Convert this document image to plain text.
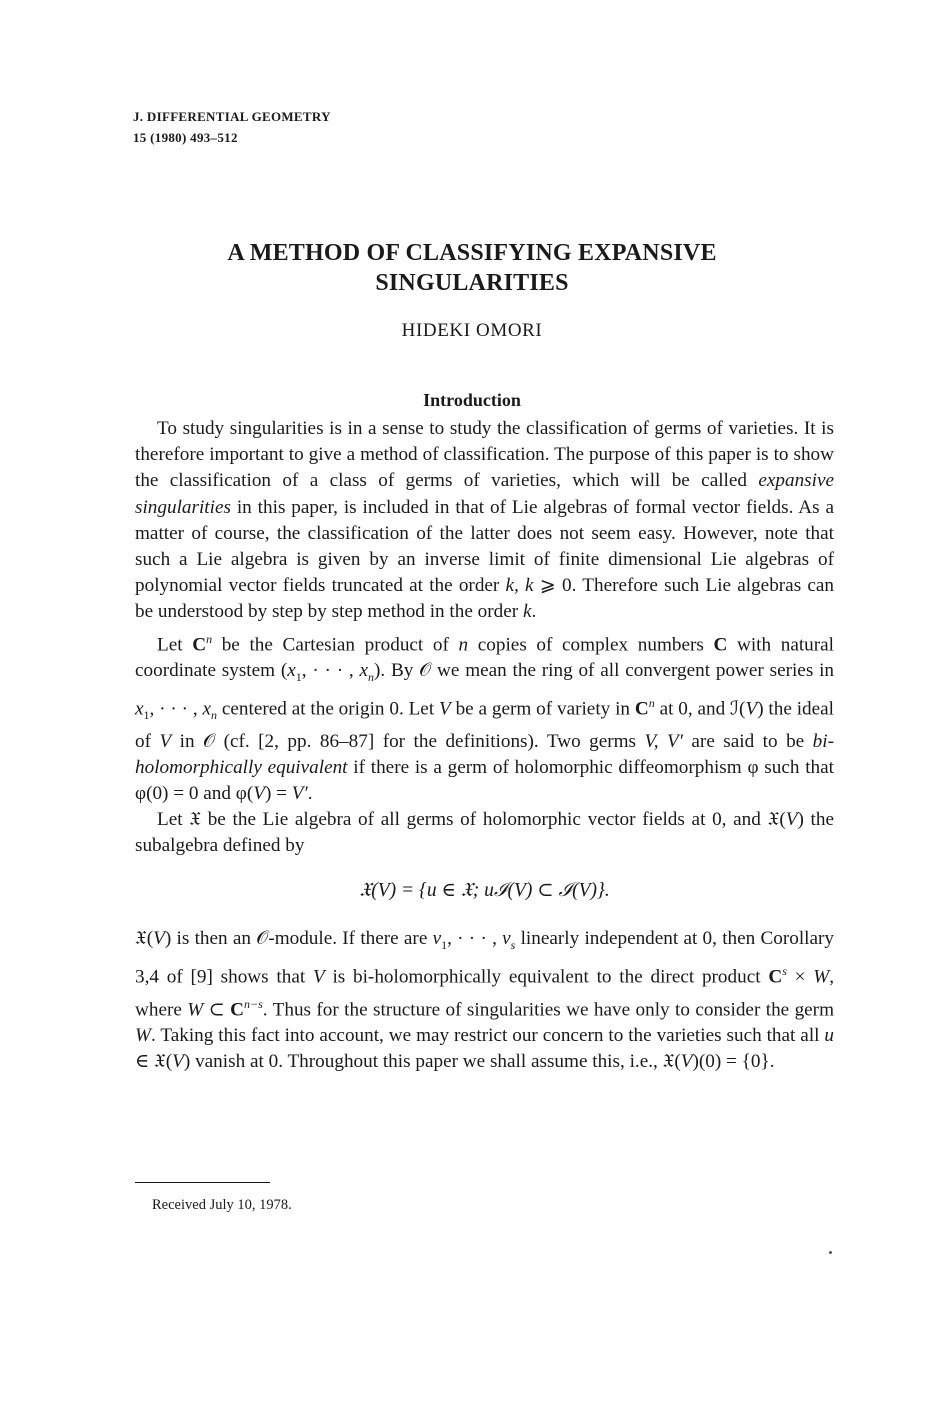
J. DIFFERENTIAL GEOMETRY
15 (1980) 493–512
A METHOD OF CLASSIFYING EXPANSIVE
SINGULARITIES
HIDEKI OMORI
Introduction

To study singularities is in a sense to study the classification of germs of varieties. It is therefore important to give a method of classification. The purpose of this paper is to show the classification of a class of germs of varieties, which will be called expansive singularities in this paper, is included in that of Lie algebras of formal vector fields. As a matter of course, the classification of the latter does not seem easy. However, note that such a Lie algebra is given by an inverse limit of finite dimensional Lie algebras of polynomial vector fields truncated at the order k, k ⩾ 0. Therefore such Lie algebras can be understood by step by step method in the order k.

Let $C^n$ be the Cartesian product of n copies of complex numbers C with natural coordinate system ($x_1$, · · · , $x_n$). By 𝒪 we mean the ring of all convergent power series in $x_1$, · · · , $x_n$ centered at the origin 0. Let V be a germ of variety in $C^n$ at 0, and ℐ(V) the ideal of V in 𝒪 (cf. [2, pp. 86–87] for the definitions). Two germs V, V′ are said to be bi-holomorphically equivalent if there is a germ of holomorphic diffeomorphism φ such that φ(0) = 0 and φ(V) = V′.

Let 𝔛 be the Lie algebra of all germs of holomorphic vector fields at 0, and 𝔛(V) the subalgebra defined by

𝔛(V) = {u ∈ 𝔛; uℐ(V) ⊂ ℐ(V)}.

𝔛(V) is then an 𝒪-module. If there are $v_1$, · · · , $v_s$ linearly independent at 0, then Corollary 3,4 of [9] shows that V is bi-holomorphically equivalent to the direct product $C^s \times W$, where W ⊂ $C^{n-s}$. Thus for the structure of singularities we have only to consider the germ W. Taking this fact into account, we may restrict our concern to the varieties such that all u ∈ 𝔛(V) vanish at 0. Throughout this paper we shall assume this, i.e., 𝔛(V)(0) = {0}.

Received July 10, 1978.
